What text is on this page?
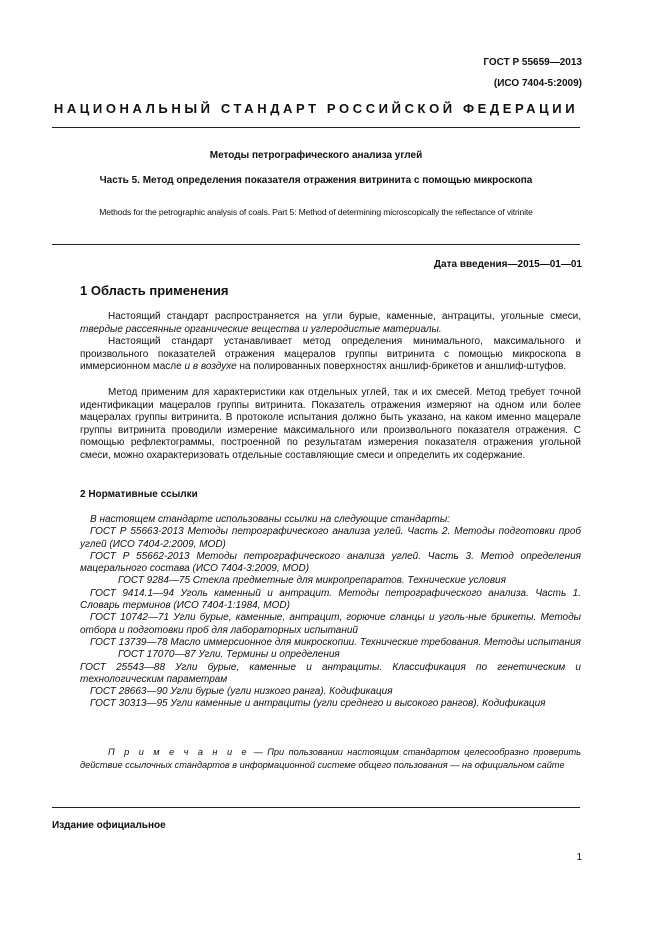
ГОСТ Р 55659—2013
(ИСО 7404-5:2009)
НАЦИОНАЛЬНЫЙ СТАНДАРТ РОССИЙСКОЙ ФЕДЕРАЦИИ
Методы петрографического анализа углей
Часть 5. Метод определения показателя отражения витринита с помощью микроскопа
Methods for the petrographic analysis of coals. Part 5: Method of determining microscopically the reflectance of vitrinite
Дата введения—2015—01—01
1 Область применения

Настоящий стандарт распространяется на угли бурые, каменные, антрациты, угольные смеси, твердые рассеянные органические вещества и углеродистые материалы.

Настоящий стандарт устанавливает метод определения минимального, максимального и произвольного показателей отражения мацералов группы витринита с помощью микроскопа в иммерсионном масле и в воздухе на полированных поверхностях аншлиф-брикетов и аншлиф-штуфов.

Метод применим для характеристики как отдельных углей, так и их смесей. Метод требует точной идентификации мацералов группы витринита. Показатель отражения измеряют на одном или более мацералах группы витринита. В протоколе испытания должно быть указано, на каком именно мацерале группы витринита проводили измерение максимального или произвольного показателя отражения. С помощью рефлектограммы, построенной по результатам измерения показателя отражения угольной смеси, можно охарактеризовать отдельные составляющие смеси и определить их содержание.

2 Нормативные ссылки

В настоящем стандарте использованы ссылки на следующие стандарты:

ГОСТ Р 55663-2013 Методы петрографического анализа углей. Часть 2. Методы подготовки проб углей (ИСО 7404-2:2009, MOD)

ГОСТ Р 55662-2013 Методы петрографического анализа углей. Часть 3. Метод определения мацерального состава (ИСО 7404-3:2009, MOD)

ГОСТ 9284—75 Стекла предметные для микропрепаратов. Технические условия

ГОСТ 9414.1—94 Уголь каменный и антрацит. Методы петрографического анализа. Часть 1. Словарь терминов (ИСО 7404-1:1984, MOD)

ГОСТ 10742—71 Угли бурые, каменные, антрацит, горючие сланцы и уголь-ные брикеты. Методы отбора и подготовки проб для лабораторных испытаний

ГОСТ 13739—78 Масло иммерсионное для микроскопии. Технические требования. Методы испытания

ГОСТ 17070—87 Угли. Термины и определения

ГОСТ 25543—88 Угли бурые, каменные и антрациты. Классификация по генетическим и технологическим параметрам

ГОСТ 28663—90 Угли бурые (угли низкого ранга). Кодификация

ГОСТ 30313—95 Угли каменные и антрациты (угли среднего и высокого рангов). Кодификация

П р и м е ч а н и е — При пользовании настоящим стандартом целесообразно проверить действие ссылочных стандартов в информационной системе общего пользования — на официальном сайте

Издание официальное
1
